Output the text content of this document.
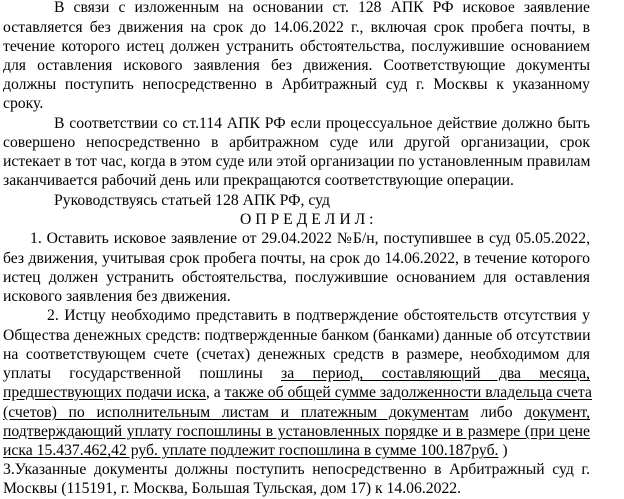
В связи с изложенным на основании ст. 128 АПК РФ исковое заявление
оставляется без движения на срок до 14.06.2022 г., включая срок пробега почты, в
течение которого истец должен устранить обстоятельства, послужившие основанием
для оставления искового заявления без движения. Соответствующие документы
должны поступить непосредственно в Арбитражный суд г. Москвы к указанному
сроку.
В соответствии со ст.114 АПК РФ если процессуальное действие должно быть
совершено непосредственно в арбитражном суде или другой организации, срок
истекает в тот час, когда в этом суде или этой организации по установленным правилам
заканчивается рабочий день или прекращаются соответствующие операции.
Руководствуясь статьей 128 АПК РФ, суд
О П Р Е Д Е Л И Л :
1. Оставить исковое заявление от 29.04.2022 №Б/н, поступившее в суд 05.05.2022,
без движения, учитывая срок пробега почты, на срок до 14.06.2022, в течение которого
истец должен устранить обстоятельства, послужившие основанием для оставления
искового заявления без движения.
2. Истцу необходимо представить в подтверждение обстоятельств отсутствия у
Общества денежных средств: подтвержденные банком (банками) данные об отсутствии
на соответствующем счете (счетах) денежных средств в размере, необходимом для
уплаты государственной пошлины за период, составляющий два месяца,
предшествующих подачи иска, а также об общей сумме задолженности владельца счета
(счетов) по исполнительным листам и платежным документам либо документ,
подтверждающий уплату госпошлины в установленных порядке и в размере (при цене
иска 15.437.462,42 руб. уплате подлежит госпошлина в сумме 100.187руб. )
3.Указанные документы должны поступить непосредственно в Арбитражный суд г.
Москвы (115191, г. Москва, Большая Тульская, дом 17) к 14.06.2022.
